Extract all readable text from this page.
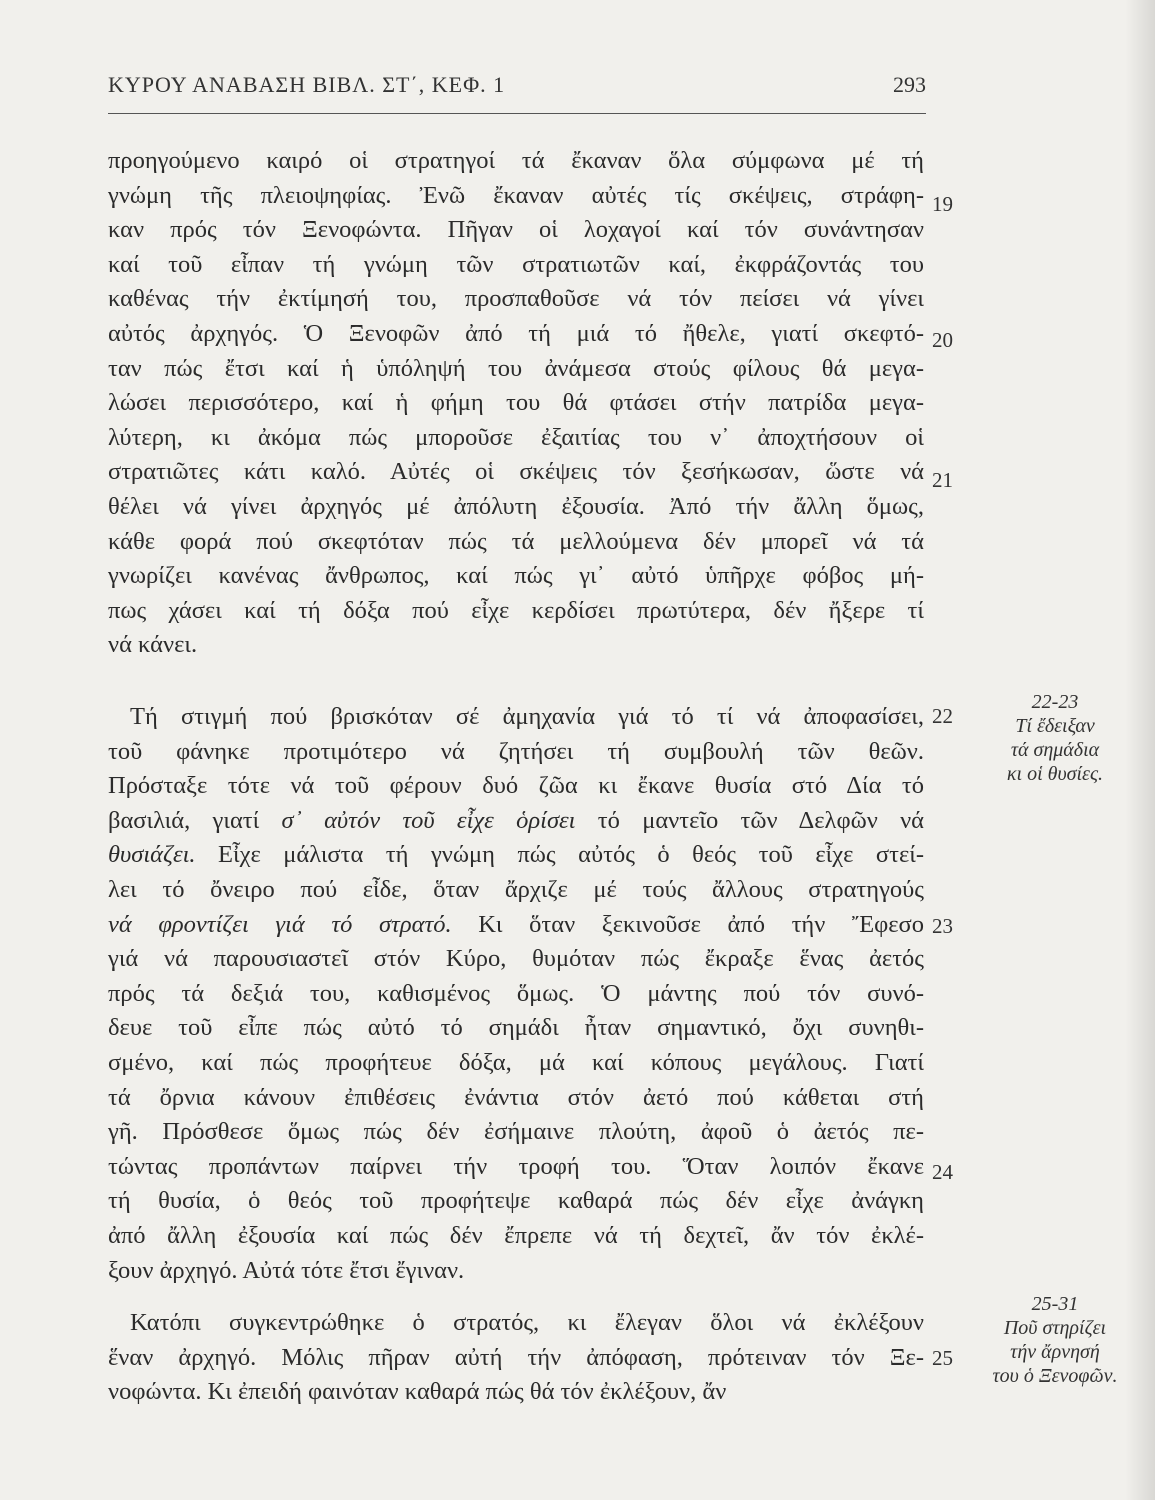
ΚΥΡΟΥ ΑΝΑΒΑΣΗ ΒΙΒΛ. ΣΤ΄, ΚΕΦ. 1	293
προηγούμενο καιρό οἱ στρατηγοί τά ἔκαναν ὅλα σύμφωνα μέ τή
γνώμη τῆς πλειοψηφίας. Ἐνῶ ἔκαναν αὐτές τίς σκέψεις, στράφη-
καν πρός τόν Ξενοφώντα. Πῆγαν οἱ λοχαγοί καί τόν συνάντησαν
καί τοῦ εἶπαν τή γνώμη τῶν στρατιωτῶν καί, ἐκφράζοντάς του
καθένας τήν ἐκτίμησή του, προσπαθοῦσε νά τόν πείσει νά γίνει
αὐτός ἀρχηγός. Ὁ Ξενοφῶν ἀπό τή μιά τό ἤθελε, γιατί σκεφτό-
ταν πώς ἔτσι καί ἡ ὑπόληψή του ἀνάμεσα στούς φίλους θά μεγα-
λώσει περισσότερο, καί ἡ φήμη του θά φτάσει στήν πατρίδα μεγα-
λύτερη, κι ἀκόμα πώς μποροῦσε ἐξαιτίας του ν᾽ ἀποχτήσουν οἱ
στρατιῶτες κάτι καλό. Αὐτές οἱ σκέψεις τόν ξεσήκωσαν, ὥστε νά
θέλει νά γίνει ἀρχηγός μέ ἀπόλυτη ἐξουσία. Ἀπό τήν ἄλλη ὅμως,
κάθε φορά πού σκεφτόταν πώς τά μελλούμενα δέν μπορεῖ νά τά
γνωρίζει κανένας ἄνθρωπος, καί πώς γι᾽ αὐτό ὑπῆρχε φόβος μή-
πως χάσει καί τή δόξα πού εἶχε κερδίσει πρωτύτερα, δέν ἤξερε τί
νά κάνει.
Τή στιγμή πού βρισκόταν σέ ἀμηχανία γιά τό τί νά ἀποφασίσει,
τοῦ φάνηκε προτιμότερο νά ζητήσει τή συμβουλή τῶν θεῶν.
Πρόσταξε τότε νά τοῦ φέρουν δυό ζῶα κι ἔκανε θυσία στό Δία τό
βασιλιά, γιατί σ᾽ αὐτόν τοῦ εἶχε ὁρίσει τό μαντεῖο τῶν Δελφῶν νά
θυσιάζει. Εἶχε μάλιστα τή γνώμη πώς αὐτός ὁ θεός τοῦ εἶχε στεί-
λει τό ὄνειρο πού εἶδε, ὅταν ἄρχιζε μέ τούς ἄλλους στρατηγούς
νά φροντίζει γιά τό στρατό. Κι ὅταν ξεκινοῦσε ἀπό τήν Ἔφεσο
γιά νά παρουσιαστεῖ στόν Κύρο, θυμόταν πώς ἔκραξε ἕνας ἀετός
πρός τά δεξιά του, καθισμένος ὅμως. Ὁ μάντης πού τόν συνό-
δευε τοῦ εἶπε πώς αὐτό τό σημάδι ἦταν σημαντικό, ὄχι συνηθι-
σμένο, καί πώς προφήτευε δόξα, μά καί κόπους μεγάλους. Γιατί
τά ὄρνια κάνουν ἐπιθέσεις ἐνάντια στόν ἀετό πού κάθεται στή
γῆ. Πρόσθεσε ὅμως πώς δέν ἐσήμαινε πλούτη, ἀφοῦ ὁ ἀετός πε-
τώντας προπάντων παίρνει τήν τροφή του. Ὅταν λοιπόν ἔκανε
τή θυσία, ὁ θεός τοῦ προφήτεψε καθαρά πώς δέν εἶχε ἀνάγκη
ἀπό ἄλλη ἐξουσία καί πώς δέν ἔπρεπε νά τή δεχτεῖ, ἄν τόν ἐκλέ-
ξουν ἀρχηγό. Αὐτά τότε ἔτσι ἔγιναν.
Κατόπι συγκεντρώθηκε ὁ στρατός, κι ἔλεγαν ὅλοι νά ἐκλέξουν
ἕναν ἀρχηγό. Μόλις πῆραν αὐτή τήν ἀπόφαση, πρότειναν τόν Ξε-
νοφώντα. Κι ἐπειδή φαινόταν καθαρά πώς θά τόν ἐκλέξουν, ἄν
19
20
21
22
23
24
25
22-23
Τί ἔδειξαν
τά σημάδια
κι οἱ θυσίες.
25-31
Ποῦ στηρίζει
τήν ἄρνησή
του ὁ Ξενοφῶν.
